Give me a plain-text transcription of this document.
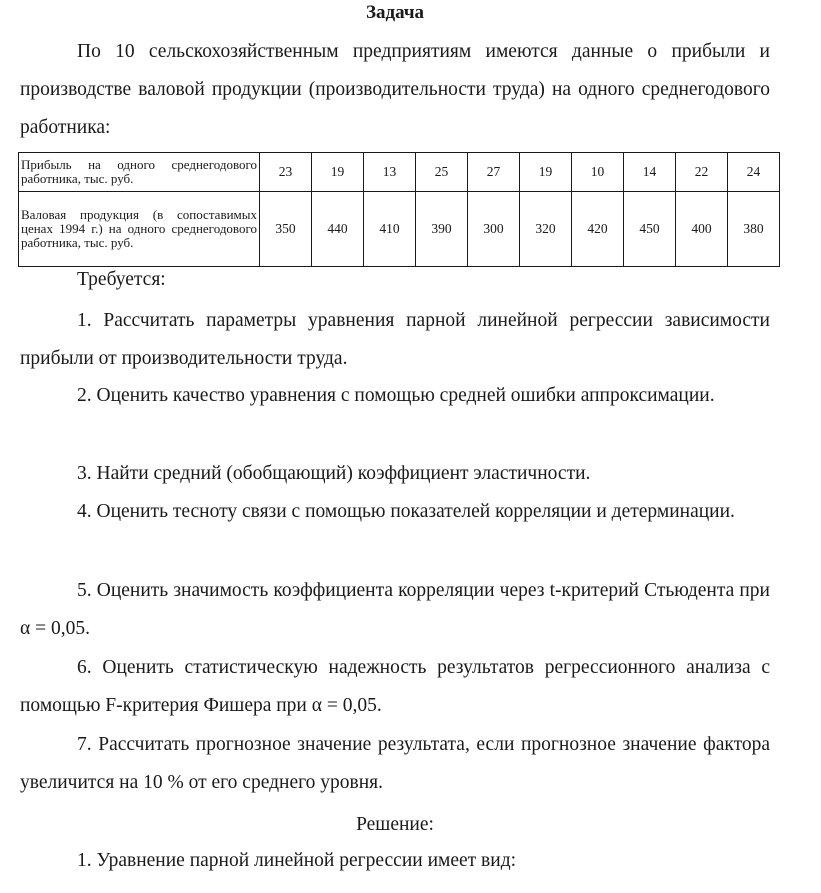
Задача

По 10 сельскохозяйственным предприятиям имеются данные о прибыли и производстве валовой продукции (производительности труда) на одного среднегодового работника:

Прибыль на одного среднегодового работника, тыс. руб.	23	19	13	25	27	19	10	14	22	24
Валовая продукция (в сопоставимых ценах 1994 г.) на одного среднегодового работника, тыс. руб.	350	440	410	390	300	320	420	450	400	380

Требуется:

1. Рассчитать параметры уравнения парной линейной регрессии зависимости прибыли от производительности труда.

2. Оценить качество уравнения с помощью средней ошибки аппроксимации.

3. Найти средний (обобщающий) коэффициент эластичности.

4. Оценить тесноту связи с помощью показателей корреляции и детерминации.

5. Оценить значимость коэффициента корреляции через t-критерий Стьюдента при α = 0,05.

6. Оценить статистическую надежность результатов регрессионного анализа с помощью F-критерия Фишера при α = 0,05.

7. Рассчитать прогнозное значение результата, если прогнозное значение фактора увеличится на 10 % от его среднего уровня.

Решение:

1. Уравнение парной линейной регрессии имеет вид:
